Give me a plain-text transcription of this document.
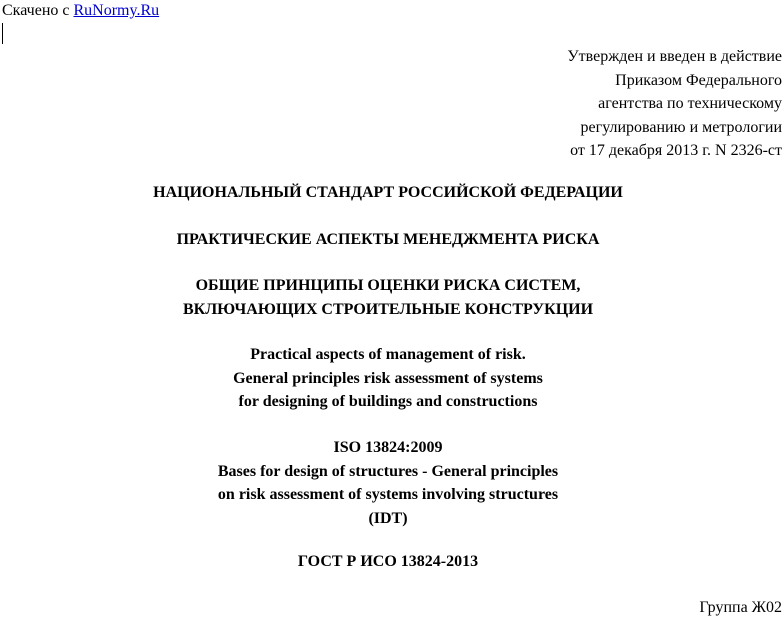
Скачено с RuNormy.Ru
Утвержден и введен в действие
Приказом Федерального
агентства по техническому
регулированию и метрологии
от 17 декабря 2013 г. N 2326-ст
НАЦИОНАЛЬНЫЙ СТАНДАРТ РОССИЙСКОЙ ФЕДЕРАЦИИ
ПРАКТИЧЕСКИЕ АСПЕКТЫ МЕНЕДЖМЕНТА РИСКА
ОБЩИЕ ПРИНЦИПЫ ОЦЕНКИ РИСКА СИСТЕМ,
ВКЛЮЧАЮЩИХ СТРОИТЕЛЬНЫЕ КОНСТРУКЦИИ
Practical aspects of management of risk.
General principles risk assessment of systems
for designing of buildings and constructions
ISO 13824:2009
Bases for design of structures - General principles
on risk assessment of systems involving structures
(IDT)
ГОСТ Р ИСО 13824-2013
Группа Ж02
